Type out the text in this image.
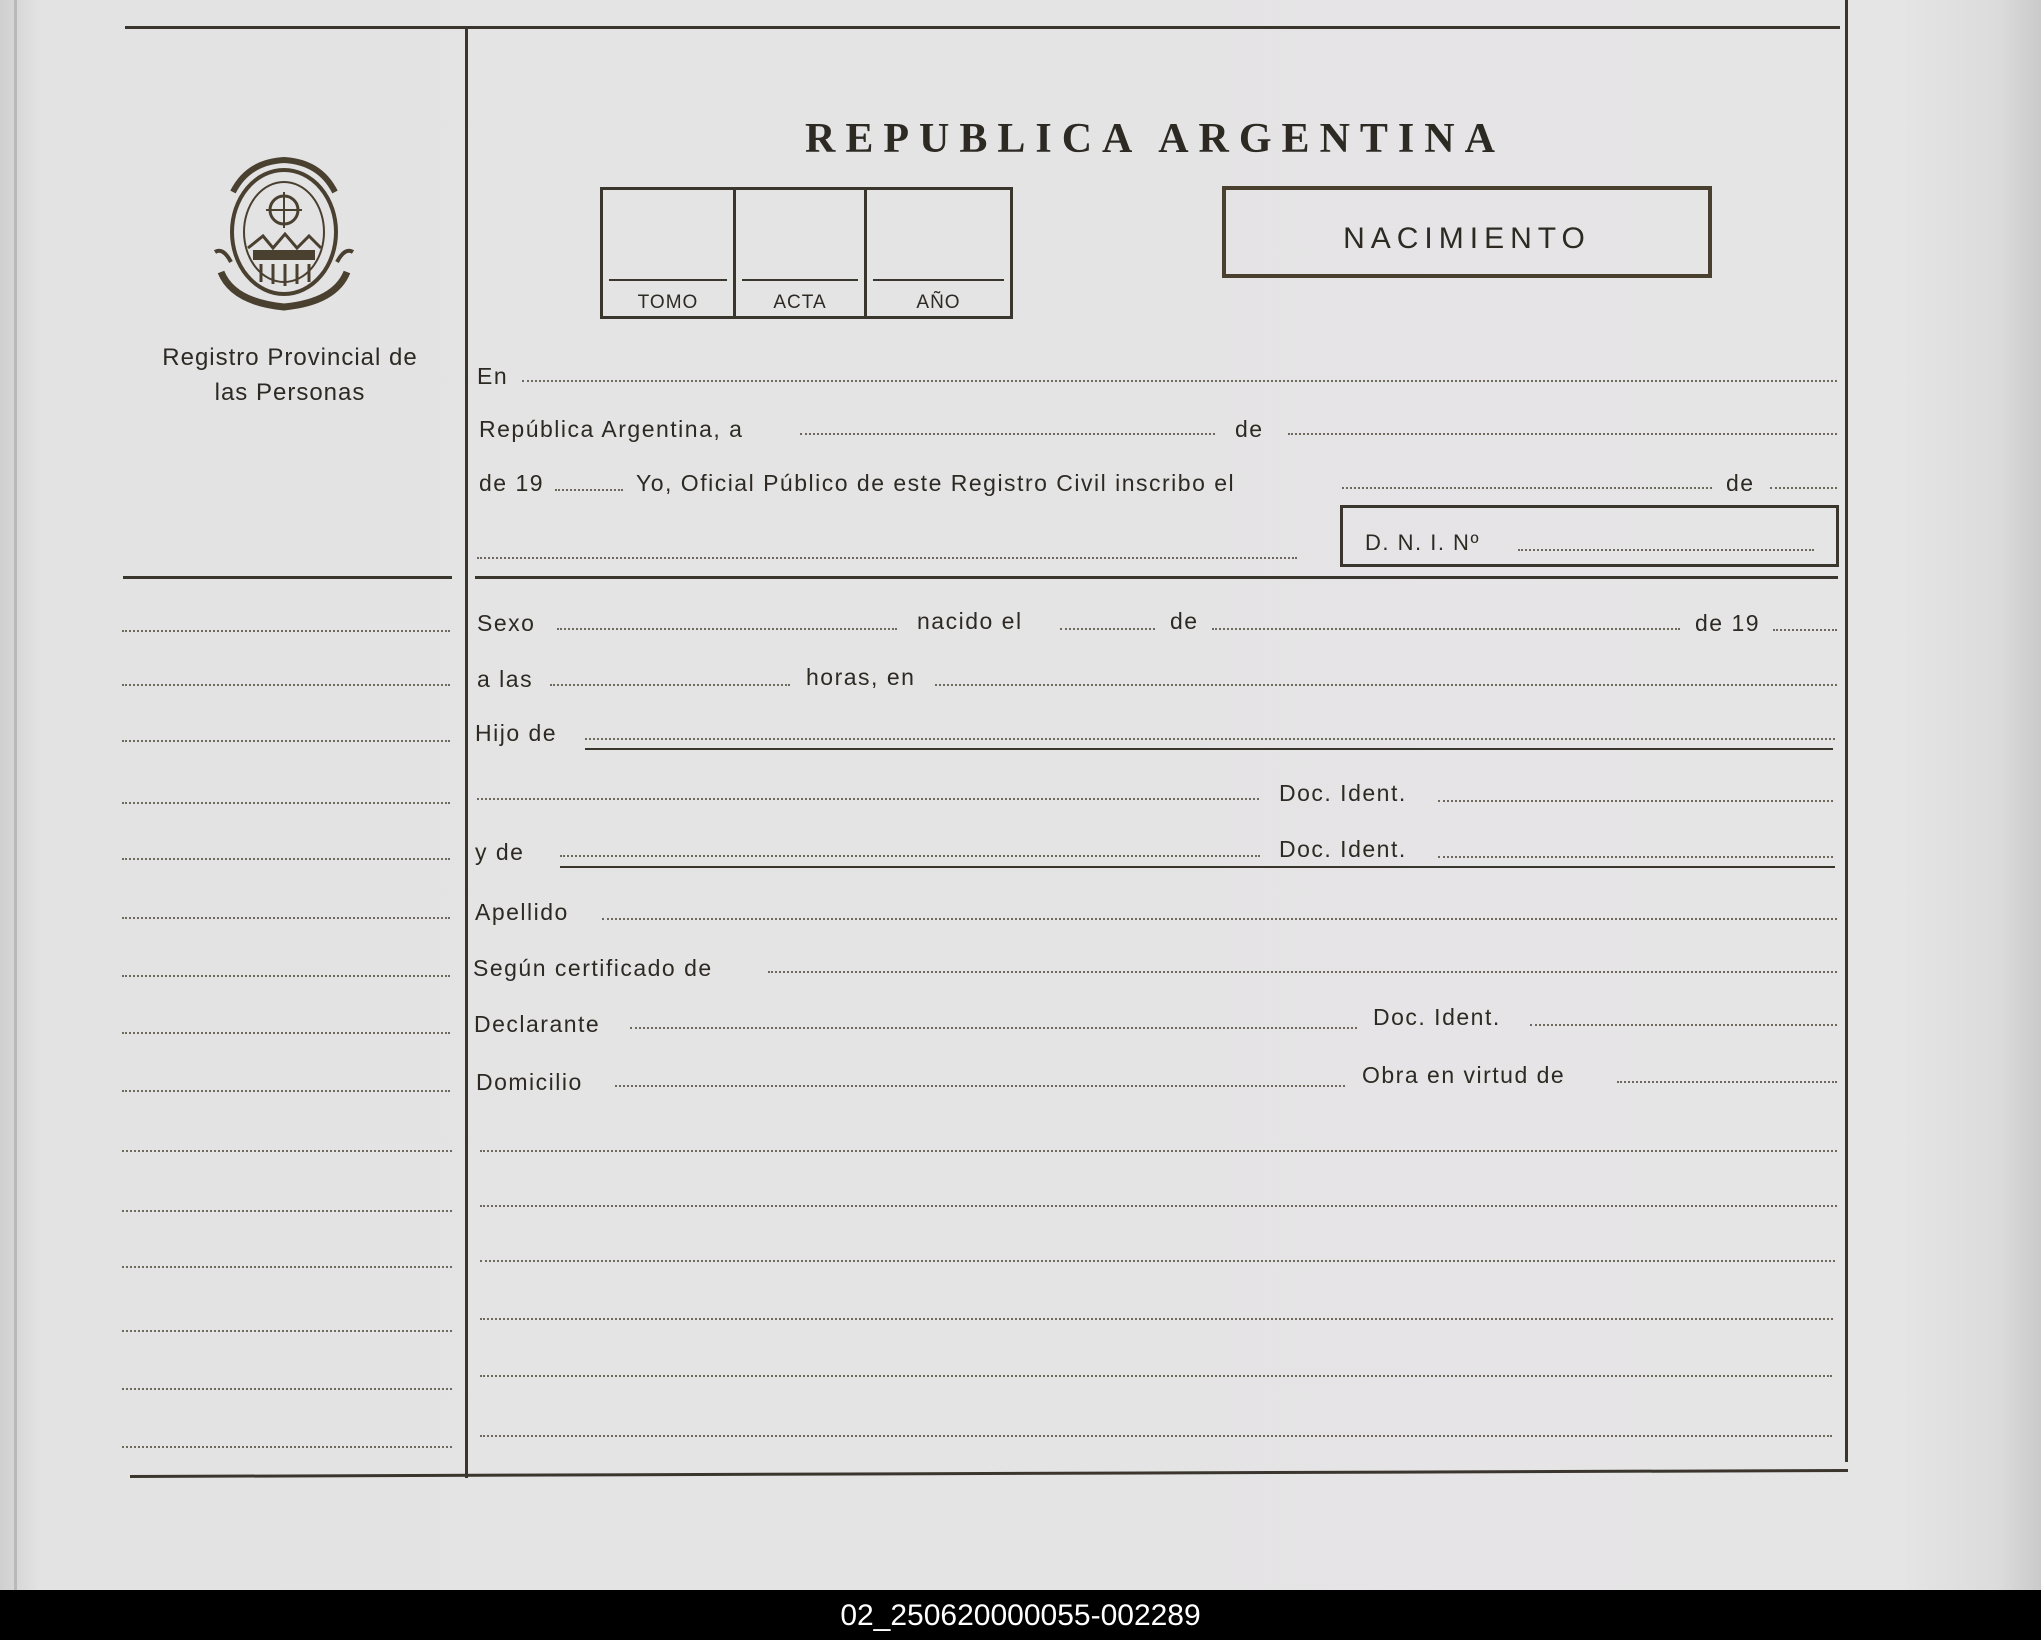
Registro Provincial de las Personas
REPUBLICA ARGENTINA
TOMO	ACTA	AÑO
NACIMIENTO
En
República Argentina, a	de
de 19	Yo, Oficial Público de este Registro Civil inscribo el	de
D. N. I. Nº
Sexo	nacido el	de	de 19
a las	horas, en
Hijo de
Doc. Ident.
y de	Doc. Ident.
Apellido
Según certificado de
Declarante	Doc. Ident.
Domicilio	Obra en virtud de
02_250620000055-002289
